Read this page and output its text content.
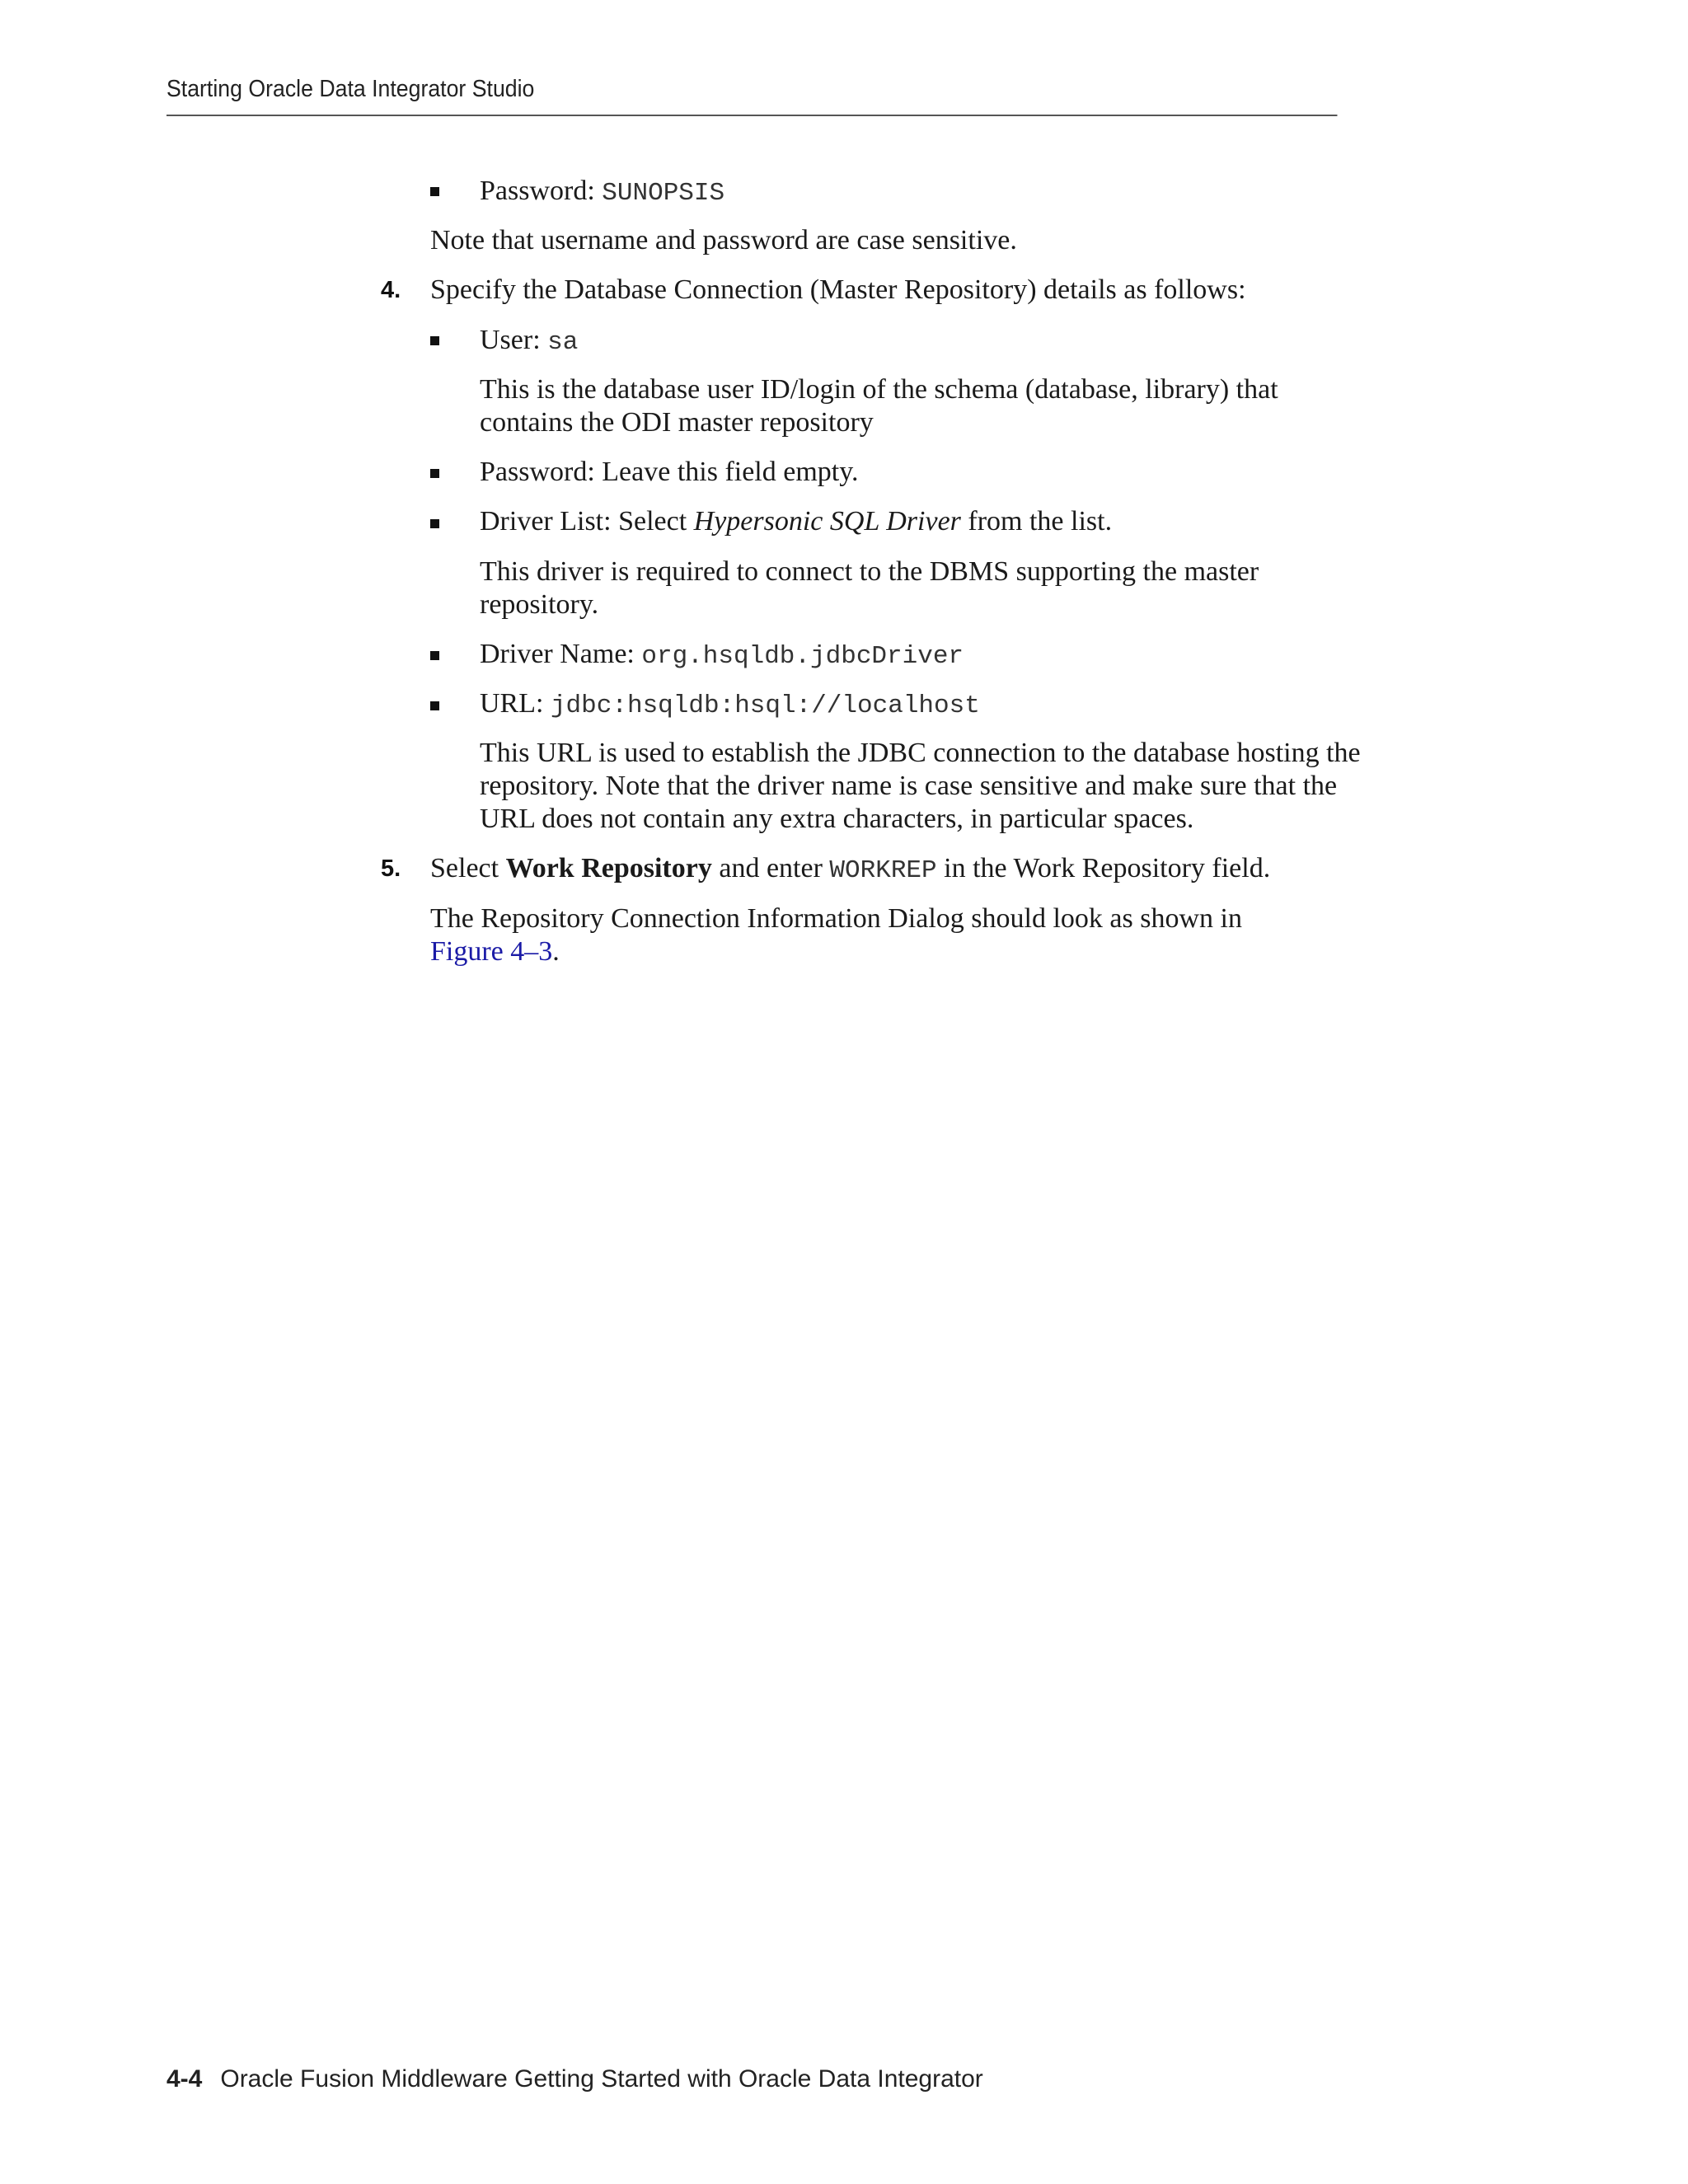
Starting Oracle Data Integrator Studio
Password: SUNOPSIS
Note that username and password are case sensitive.
4. Specify the Database Connection (Master Repository) details as follows:
User: sa
This is the database user ID/login of the schema (database, library) that
contains the ODI master repository
Password: Leave this field empty.
Driver List: Select Hypersonic SQL Driver from the list.
This driver is required to connect to the DBMS supporting the master
repository.
Driver Name: org.hsqldb.jdbcDriver
URL: jdbc:hsqldb:hsql://localhost
This URL is used to establish the JDBC connection to the database hosting the
repository. Note that the driver name is case sensitive and make sure that the
URL does not contain any extra characters, in particular spaces.
5. Select Work Repository and enter WORKREP in the Work Repository field.
The Repository Connection Information Dialog should look as shown in
Figure 4–3.
4-4 Oracle Fusion Middleware Getting Started with Oracle Data Integrator
